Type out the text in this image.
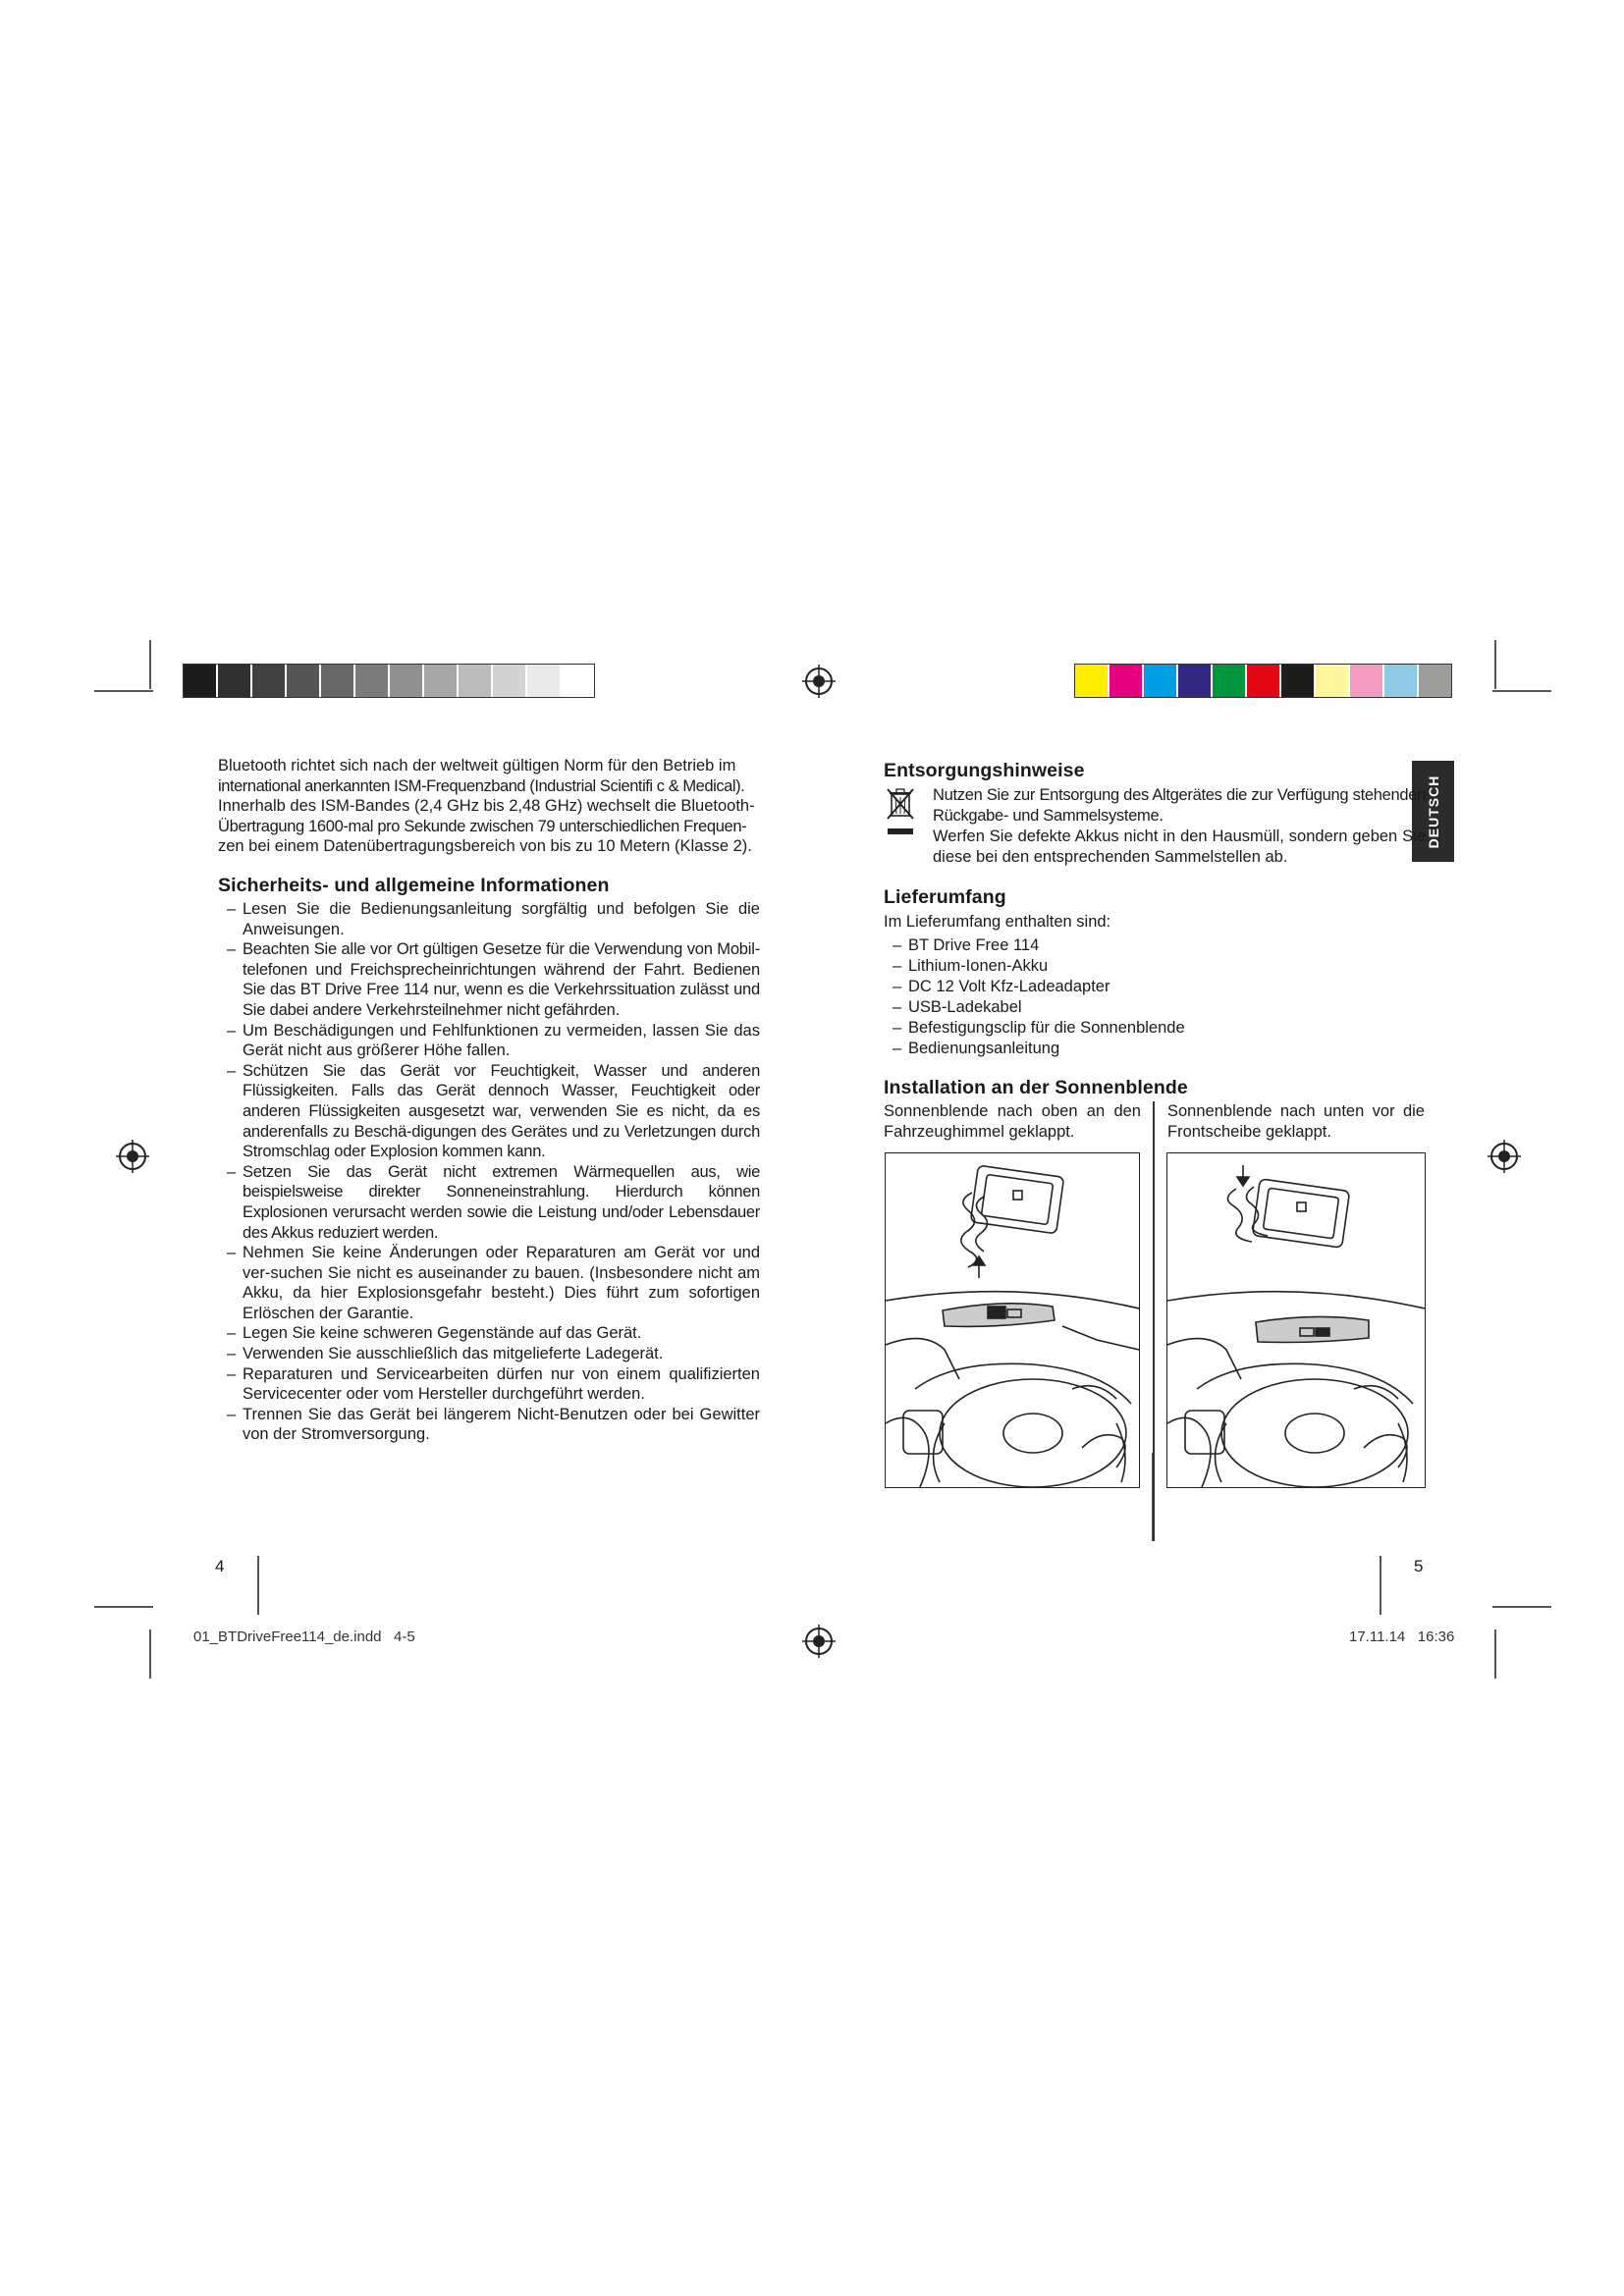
Bluetooth richtet sich nach der weltweit gültigen Norm für den Betrieb im
international anerkannten ISM-Frequenzband (Industrial Scientifi c & Medical).
Innerhalb des ISM-Bandes (2,4 GHz bis 2,48 GHz) wechselt die Bluetooth-
Übertragung 1600-mal pro Sekunde zwischen 79 unterschiedlichen Frequen-
zen bei einem Datenübertragungsbereich von bis zu 10 Metern (Klasse 2).
Sicherheits- und allgemeine Informationen
– Lesen Sie die Bedienungsanleitung sorgfältig und befolgen Sie die Anweisungen.
– Beachten Sie alle vor Ort gültigen Gesetze für die Verwendung von Mobil-telefonen und Freichsprecheinrichtungen während der Fahrt. Bedienen Sie das BT Drive Free 114 nur, wenn es die Verkehrssituation zulässt und Sie dabei andere Verkehrsteilnehmer nicht gefährden.
– Um Beschädigungen und Fehlfunktionen zu vermeiden, lassen Sie das Gerät nicht aus größerer Höhe fallen.
– Schützen Sie das Gerät vor Feuchtigkeit, Wasser und anderen Flüssigkeiten. Falls das Gerät dennoch Wasser, Feuchtigkeit oder anderen Flüssigkeiten ausgesetzt war, verwenden Sie es nicht, da es anderenfalls zu Beschä-digungen des Gerätes und zu Verletzungen durch Stromschlag oder Explosion kommen kann.
– Setzen Sie das Gerät nicht extremen Wärmequellen aus, wie beispielsweise direkter Sonneneinstrahlung. Hierdurch können Explosionen verursacht werden sowie die Leistung und/oder Lebensdauer des Akkus reduziert werden.
– Nehmen Sie keine Änderungen oder Reparaturen am Gerät vor und ver-suchen Sie nicht es auseinander zu bauen. (Insbesondere nicht am Akku, da hier Explosionsgefahr besteht.) Dies führt zum sofortigen Erlöschen der Garantie.
– Legen Sie keine schweren Gegenstände auf das Gerät.
– Verwenden Sie ausschließlich das mitgelieferte Ladegerät.
– Reparaturen und Servicearbeiten dürfen nur von einem qualifizierten Servicecenter oder vom Hersteller durchgeführt werden.
– Trennen Sie das Gerät bei längerem Nicht-Benutzen oder bei Gewitter von der Stromversorgung.
4
DEUTSCH
Entsorgungshinweise
Nutzen Sie zur Entsorgung des Altgerätes die zur Verfügung stehenden Rückgabe- und Sammelsysteme.
Werfen Sie defekte Akkus nicht in den Hausmüll, sondern geben Sie diese bei den entsprechenden Sammelstellen ab.
Lieferumfang
Im Lieferumfang enthalten sind:
– BT Drive Free 114
– Lithium-Ionen-Akku
– DC 12 Volt Kfz-Ladeadapter
– USB-Ladekabel
– Befestigungsclip für die Sonnenblende
– Bedienungsanleitung
Installation an der Sonnenblende
Sonnenblende nach oben an den Fahrzeughimmel geklappt.
Sonnenblende nach unten vor die Frontscheibe geklappt.
5
01_BTDriveFree114_de.indd   4-5	17.11.14   16:36
